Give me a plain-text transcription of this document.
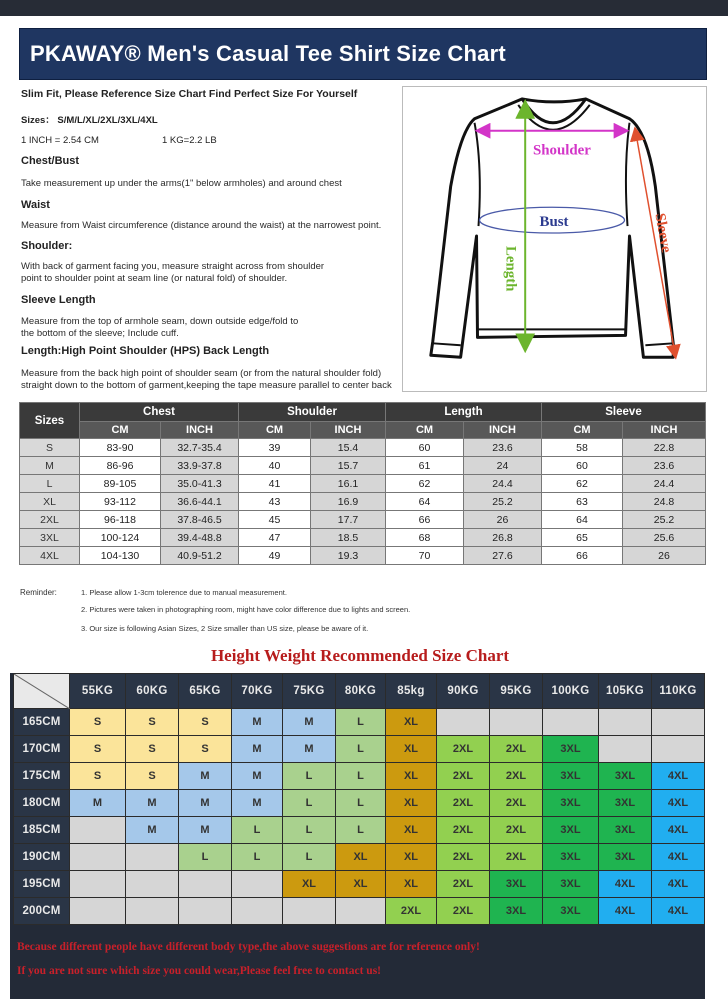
PKAWAY® Men's Casual Tee Shirt Size Chart
Slim Fit, Please Reference Size Chart Find Perfect Size For Yourself
Sizes： S/M/L/XL/2XL/3XL/4XL
1 INCH = 2.54 CM	1 KG=2.2 LB
Chest/Bust
Take measurement up under the arms(1" below armholes) and around chest
Waist
Measure from Waist circumference (distance around the waist) at the narrowest point.
Shoulder:
With back of garment facing you, measure straight across from shoulder
point to shoulder point at seam line (or natural fold) of shoulder.
Sleeve Length
Measure from the top of armhole seam, down outside edge/fold to
the bottom of the sleeve; Include cuff.
Length:High Point Shoulder (HPS) Back Length
Measure from the back high point of shoulder seam (or from the natural shoulder fold)
straight down to the bottom of garment,keeping the tape measure parallel to center back
Shoulder
Bust
Length
Sleeve
Sizes	Chest		Shoulder		Length		Sleeve	
	CM	INCH	CM	INCH	CM	INCH	CM	INCH
S	83-90	32.7-35.4	39	15.4	60	23.6	58	22.8
M	86-96	33.9-37.8	40	15.7	61	24	60	23.6
L	89-105	35.0-41.3	41	16.1	62	24.4	62	24.4
XL	93-112	36.6-44.1	43	16.9	64	25.2	63	24.8
2XL	96-118	37.8-46.5	45	17.7	66	26	64	25.2
3XL	100-124	39.4-48.8	47	18.5	68	26.8	65	25.6
4XL	104-130	40.9-51.2	49	19.3	70	27.6	66	26
Reminder:	1. Please allow 1-3cm tolerence due to manual measurement.
2. Pictures were taken in photographing room, might have color difference due to lights and screen.
3. Our size is following Asian Sizes, 2 Size smaller than US size, please be aware of it.
Height Weight Recommended Size Chart
	55KG	60KG	65KG	70KG	75KG	80KG	85kg	90KG	95KG	100KG	105KG	110KG
165CM	S	S	S	M	M	L	XL					
170CM	S	S	S	M	M	L	XL	2XL	2XL	3XL		
175CM	S	S	M	M	L	L	XL	2XL	2XL	3XL	3XL	4XL
180CM	M	M	M	M	L	L	XL	2XL	2XL	3XL	3XL	4XL
185CM		M	M	L	L	L	XL	2XL	2XL	3XL	3XL	4XL
190CM			L	L	L	XL	XL	2XL	2XL	3XL	3XL	4XL
195CM					XL	XL	XL	2XL	3XL	3XL	4XL	4XL
200CM							2XL	2XL	3XL	3XL	4XL	4XL
Because different people have different body type,the above suggestions are for reference only!
If you are not sure which size you could wear,Please feel free to contact us!
